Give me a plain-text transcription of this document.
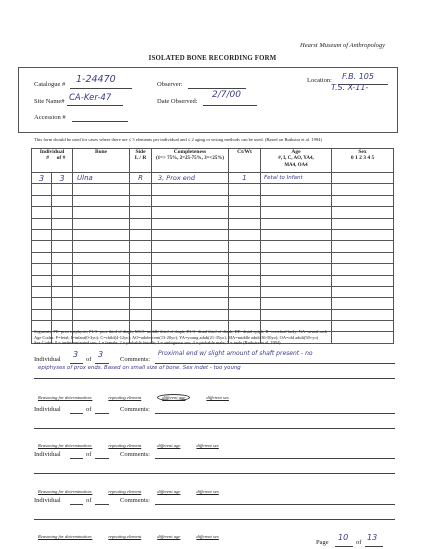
Hearst Museum of Anthropology
ISOLATED BONE RECORDING FORM
Catalogue # 1-24470	Observer:
Location: F.B. 105
T.S. X-11-
Site Name# CA-Ker-47	Date Observed:
2/7/00
Accession #
This form should be used for cases where there are ≤ 5 elements per individual and ≤ 2 aging or sexing methods can be used. (Based on Buikstra et al. 1994)
Individual
# of #		Bone	Side
L / R	Completeness
(1=> 75%, 2=25-75%, 3=<25%)	Ct/Wt	Age
#, I, C, AO, YA4,
MA4, OA4	Sex
0 1 2 3 4 5
3	3	Ulna	R	3, Prox end	1	Fetal to Infant	

Segments: PE=prox epiphysis; P1/3=prox third of diaph; M1/3=middle third of diaph; D1/3=distal third of diaph; DE=distal epiph; B=vertebral body; NA=neural arch
Age Codes: F=fetal; I=infant(0-3yo); C=child(4-12yo); AO=adolescent(13-20yo); YA=young adult(21-35yo); MA=middle adult(36-50yo); OA=old adult(50+yo)
Sex Codes: 0 = undeterminated sex; 1 = female; 2 = probable female; 3 = ambiguous sex; 4 = probable male; 5 = male (Buikstra et al. 1994)
Individual
3
of
3
Comments:
Proximal end w/ slight amount of shaft present - no
epiphyses of prox ends. Based on small size of bone. Sex indet - too young
Reasoning for determination:	repeating element	different age	different sex
Individual	of	Comments:
Reasoning for determination:	repeating element	different age	different sex
Individual	of	Comments:
Reasoning for determination:	repeating element	different age	different sex
Individual	of	Comments:
Reasoning for determination:	repeating element	different age	different sex
Page
10
of
13
